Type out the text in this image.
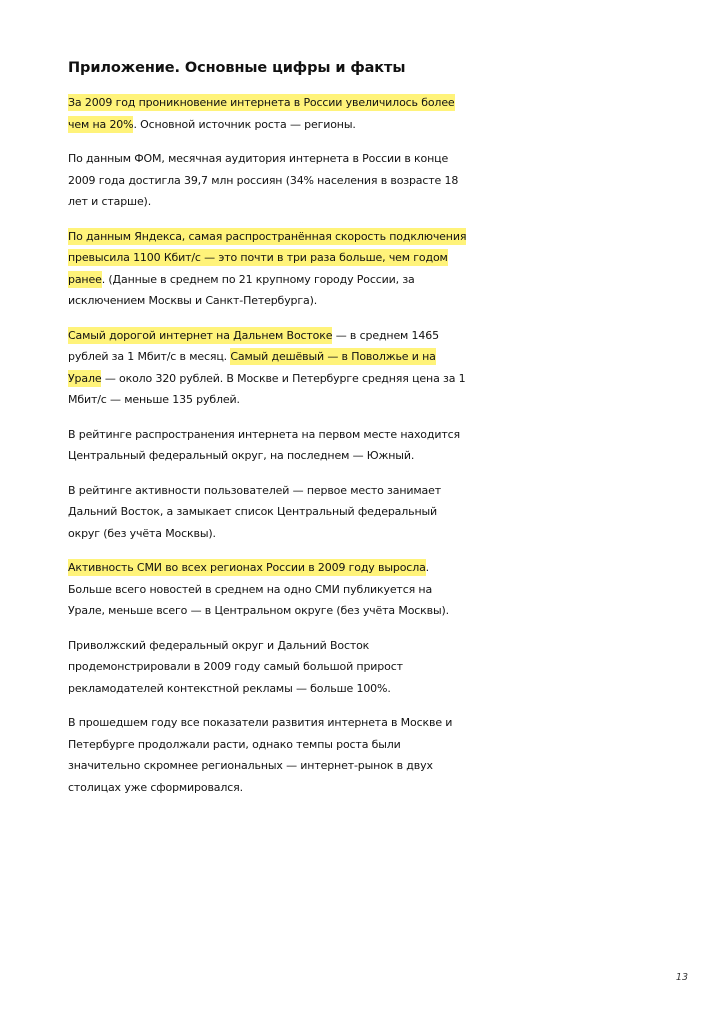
Приложение. Основные цифры и факты

За 2009 год проникновение интернета в России увеличилось более чем на 20%. Основной источник роста — регионы.

По данным ФОМ, месячная аудитория интернета в России в конце 2009 года достигла 39,7 млн россиян (34% населения в возрасте 18 лет и старше).

По данным Яндекса, самая распространённая скорость подключения превысила 1100 Кбит/с — это почти в три раза больше, чем годом ранее. (Данные в среднем по 21 крупному городу России, за исключением Москвы и Санкт-Петербурга).

Самый дорогой интернет на Дальнем Востоке — в среднем 1465 рублей за 1 Мбит/с в месяц. Самый дешёвый — в Поволжье и на Урале — около 320 рублей. В Москве и Петербурге средняя цена за 1 Мбит/с — меньше 135 рублей.

В рейтинге распространения интернета на первом месте находится Центральный федеральный округ, на последнем — Южный.

В рейтинге активности пользователей — первое место занимает Дальний Восток, а замыкает список Центральный федеральный округ (без учёта Москвы).

Активность СМИ во всех регионах России в 2009 году выросла. Больше всего новостей в среднем на одно СМИ публикуется на Урале, меньше всего — в Центральном округе (без учёта Москвы).

Приволжский федеральный округ и Дальний Восток продемонстрировали в 2009 году самый большой прирост рекламодателей контекстной рекламы — больше 100%.

В прошедшем году все показатели развития интернета в Москве и Петербурге продолжали расти, однако темпы роста были значительно скромнее региональных — интернет-рынок в двух столицах уже сформировался.

13
